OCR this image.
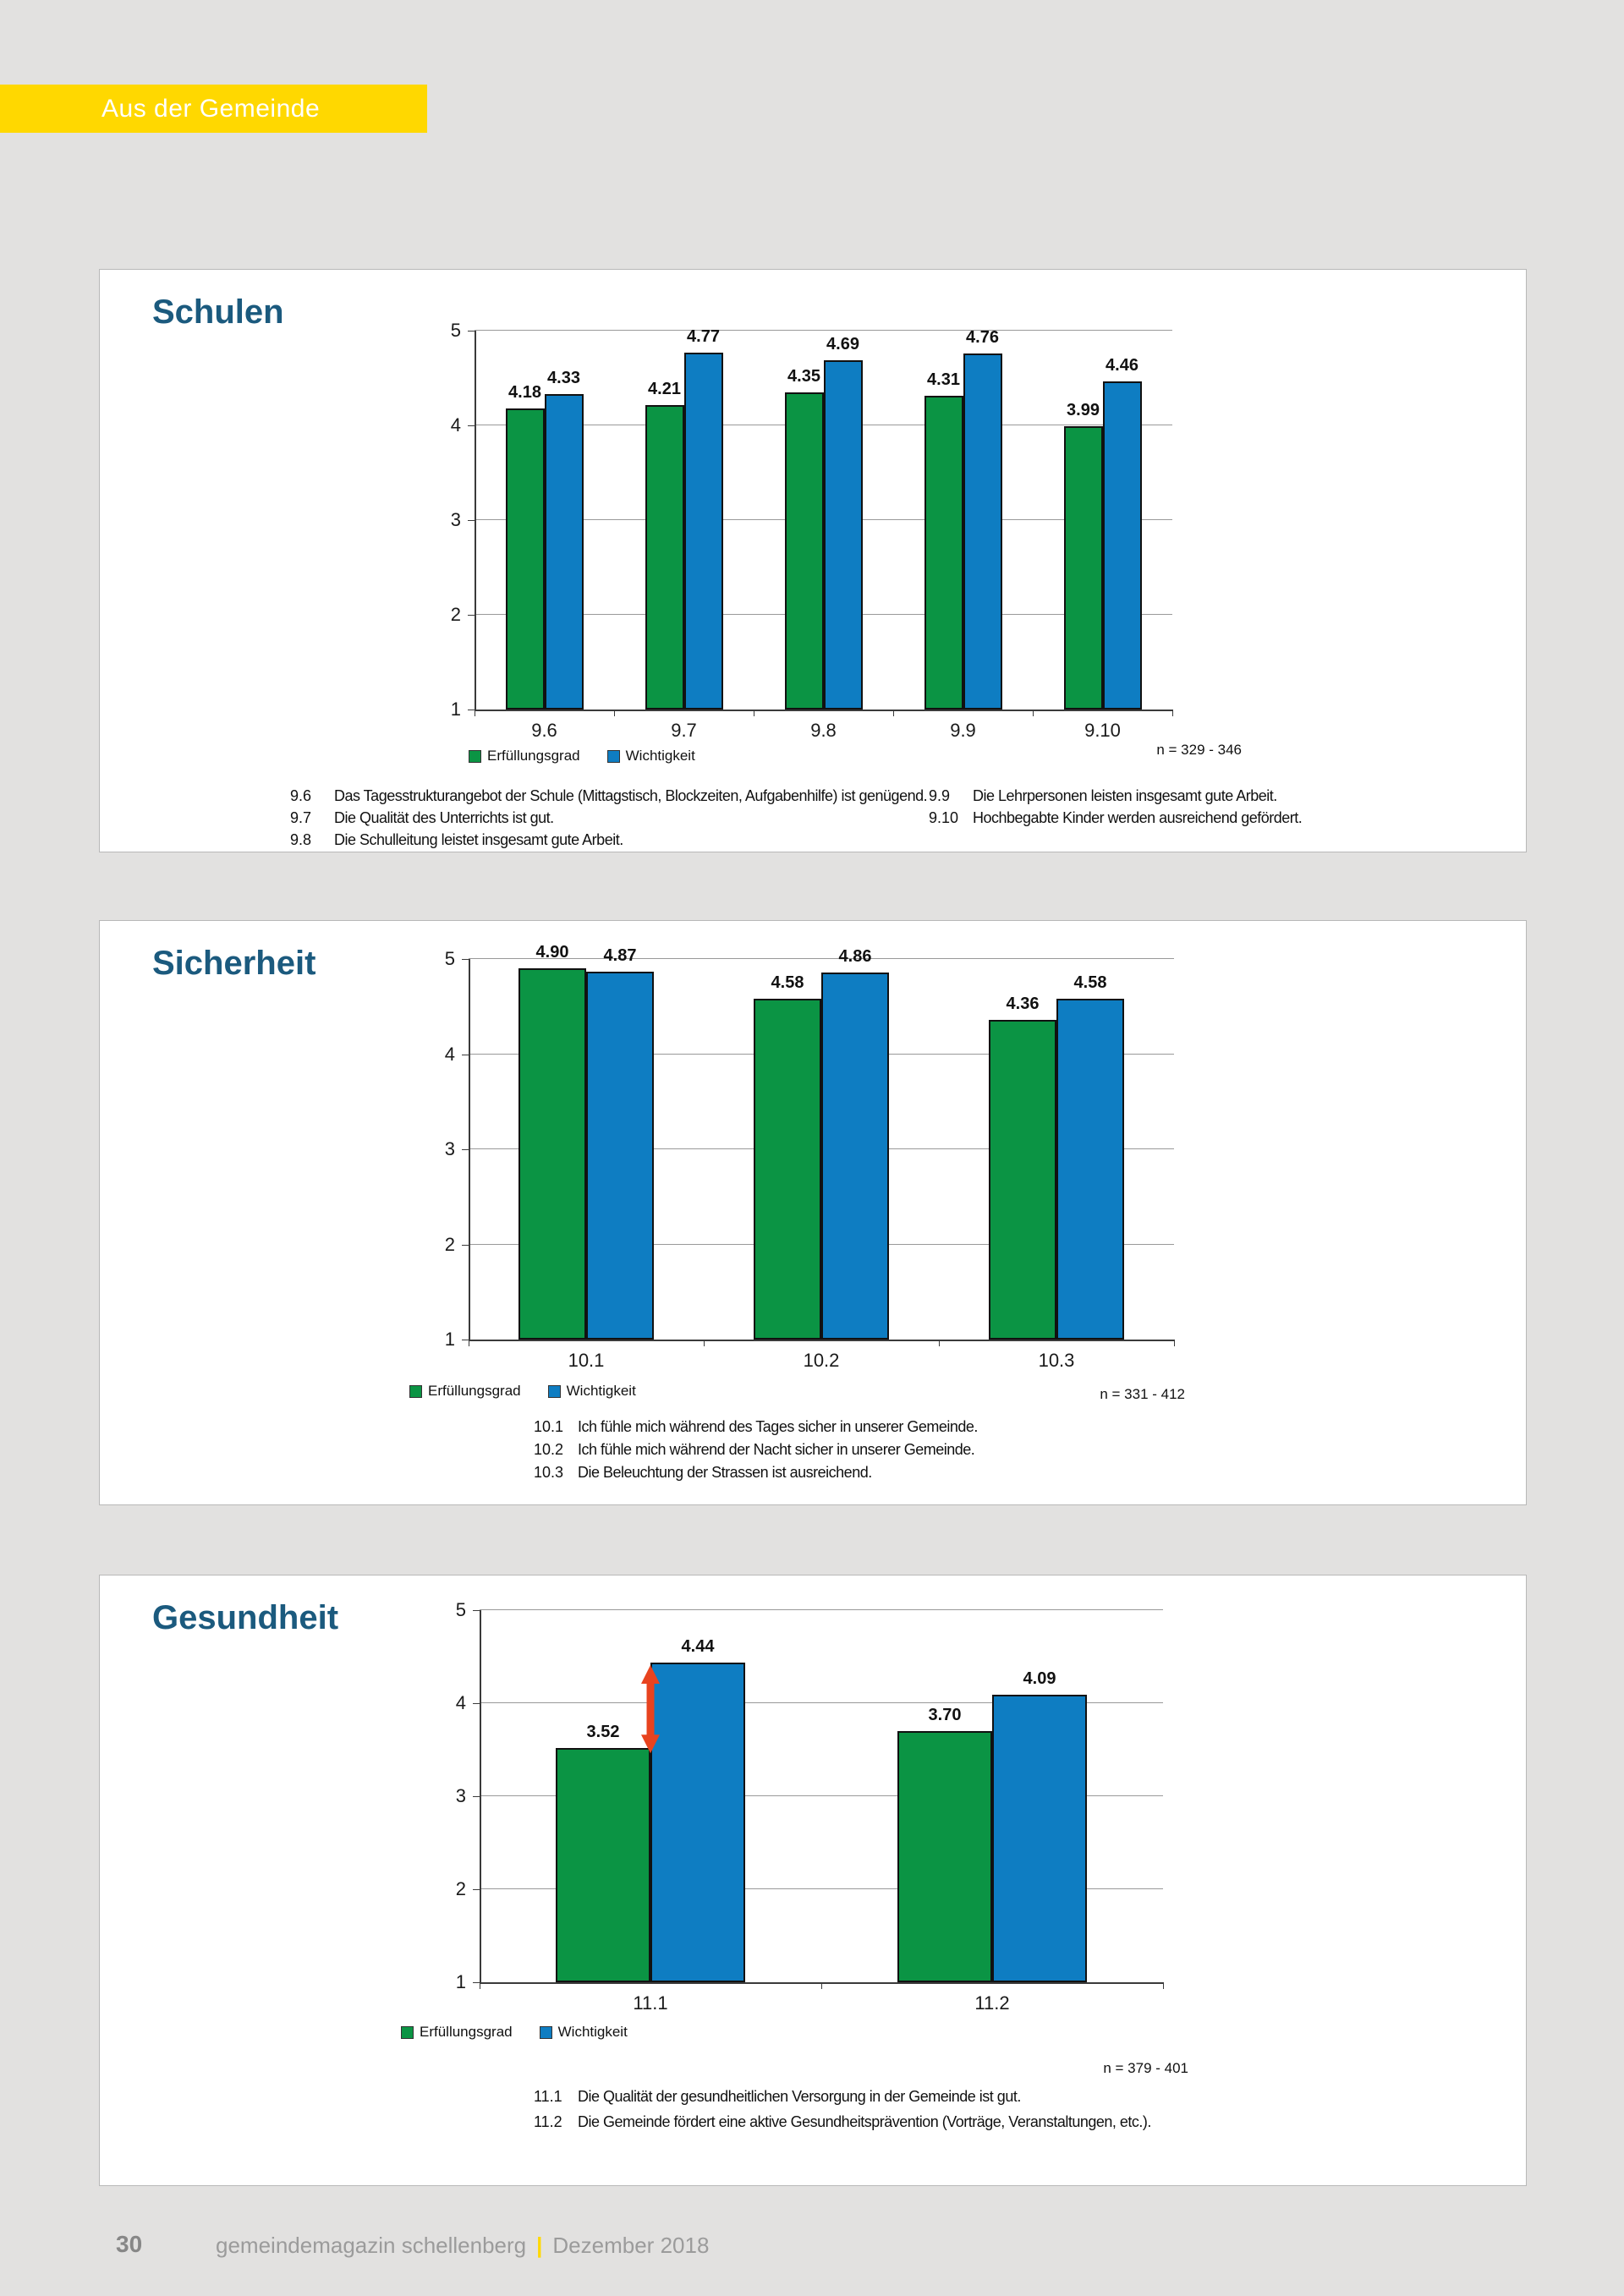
Aus der Gemeinde
Schulen
1
2
3
4
5
4.18
4.33
9.6
4.21
4.77
9.7
4.35
4.69
9.8
4.31
4.76
9.9
3.99
4.46
9.10
Erfüllungsgrad	Wichtigkeit	n = 329 - 346
9.6	Das Tagesstrukturangebot der Schule (Mittagstisch, Blockzeiten, Aufgabenhilfe) ist genügend.
9.7	Die Qualität des Unterrichts ist gut.
9.8	Die Schulleitung leistet insgesamt gute Arbeit.
9.9	Die Lehrpersonen leisten insgesamt gute Arbeit.
9.10 Hochbegabte Kinder werden ausreichend gefördert.
Sicherheit
1
2
3
4
5	4.90	4.87
10.1
4.58
4.86
10.2
4.36
4.58
10.3
Erfüllungsgrad	Wichtigkeit	n = 331 - 412
10.1 Ich fühle mich während des Tages sicher in unserer Gemeinde.
10.2 Ich fühle mich während der Nacht sicher in unserer Gemeinde.
10.3 Die Beleuchtung der Strassen ist ausreichend.
Gesundheit
1
2
3
4
5
3.52
4.44
11.1
3.70
4.09
11.2
Erfüllungsgrad	Wichtigkeit
n = 379 - 401
11.1	Die Qualität der gesundheitlichen Versorgung in der Gemeinde ist gut.
11.2	Die Gemeinde fördert eine aktive Gesundheitsprävention (Vorträge, Veranstaltungen, etc.).
30	gemeindemagazin schellenberg | Dezember 2018
